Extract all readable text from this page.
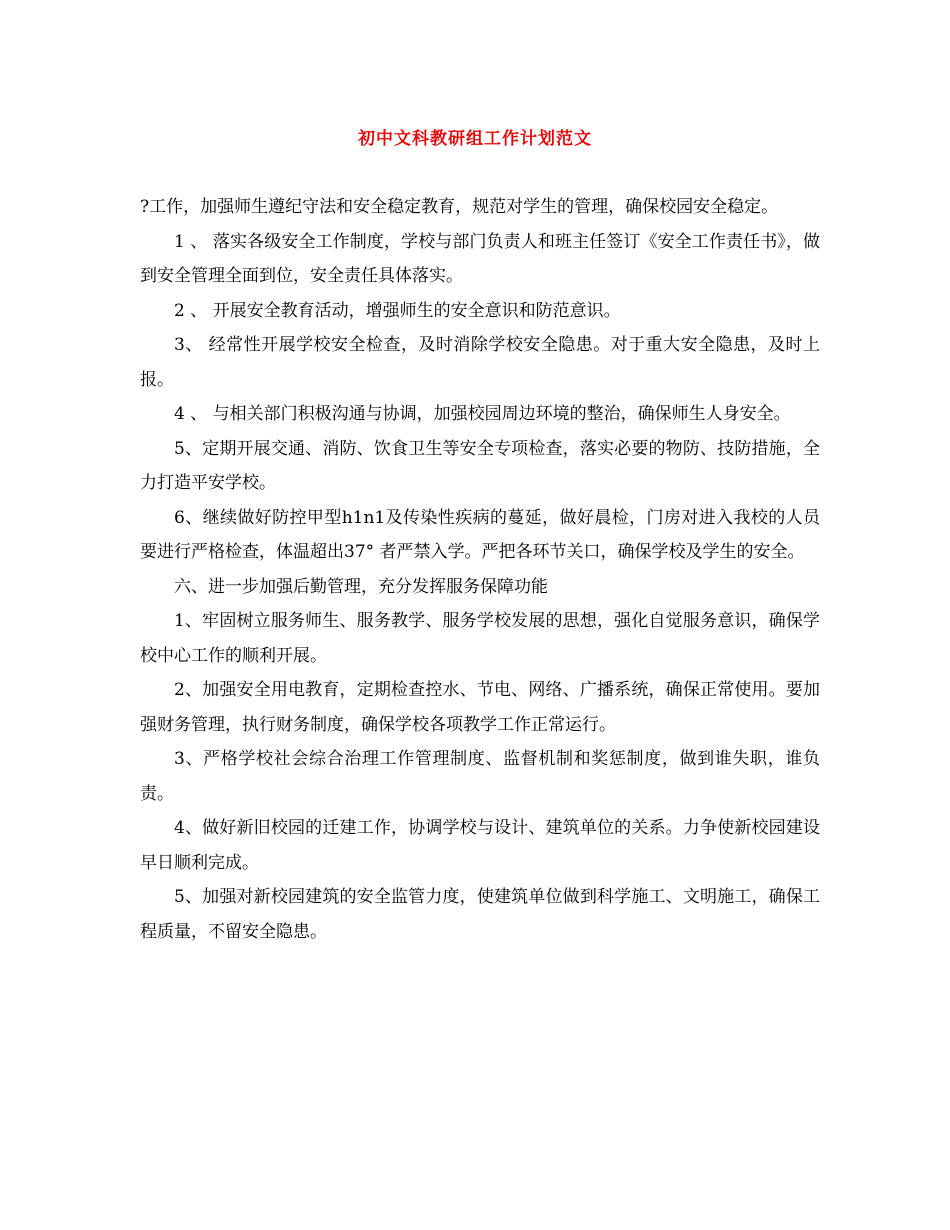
初中文科教研组工作计划范文

?工作，加强师生遵纪守法和安全稳定教育，规范对学生的管理，确保校园安全稳定。

1 、 落实各级安全工作制度，学校与部门负责人和班主任签订《安全工作责任书》，做到安全管理全面到位，安全责任具体落实。

2 、 开展安全教育活动，增强师生的安全意识和防范意识。

3、 经常性开展学校安全检查，及时消除学校安全隐患。对于重大安全隐患，及时上报。

4 、 与相关部门积极沟通与协调，加强校园周边环境的整治，确保师生人身安全。

5、定期开展交通、消防、饮食卫生等安全专项检查，落实必要的物防、技防措施，全力打造平安学校。

6、继续做好防控甲型h1n1及传染性疾病的蔓延，做好晨检，门房对进入我校的人员要进行严格检查，体温超出37° 者严禁入学。严把各环节关口，确保学校及学生的安全。

六、进一步加强后勤管理，充分发挥服务保障功能

1、牢固树立服务师生、服务教学、服务学校发展的思想，强化自觉服务意识，确保学校中心工作的顺利开展。

2、加强安全用电教育，定期检查控水、节电、网络、广播系统，确保正常使用。要加强财务管理，执行财务制度，确保学校各项教学工作正常运行。

3、严格学校社会综合治理工作管理制度、监督机制和奖惩制度，做到谁失职，谁负责。

4、做好新旧校园的迁建工作，协调学校与设计、建筑单位的关系。力争使新校园建设早日顺利完成。

5、加强对新校园建筑的安全监管力度，使建筑单位做到科学施工、文明施工，确保工程质量，不留安全隐患。
